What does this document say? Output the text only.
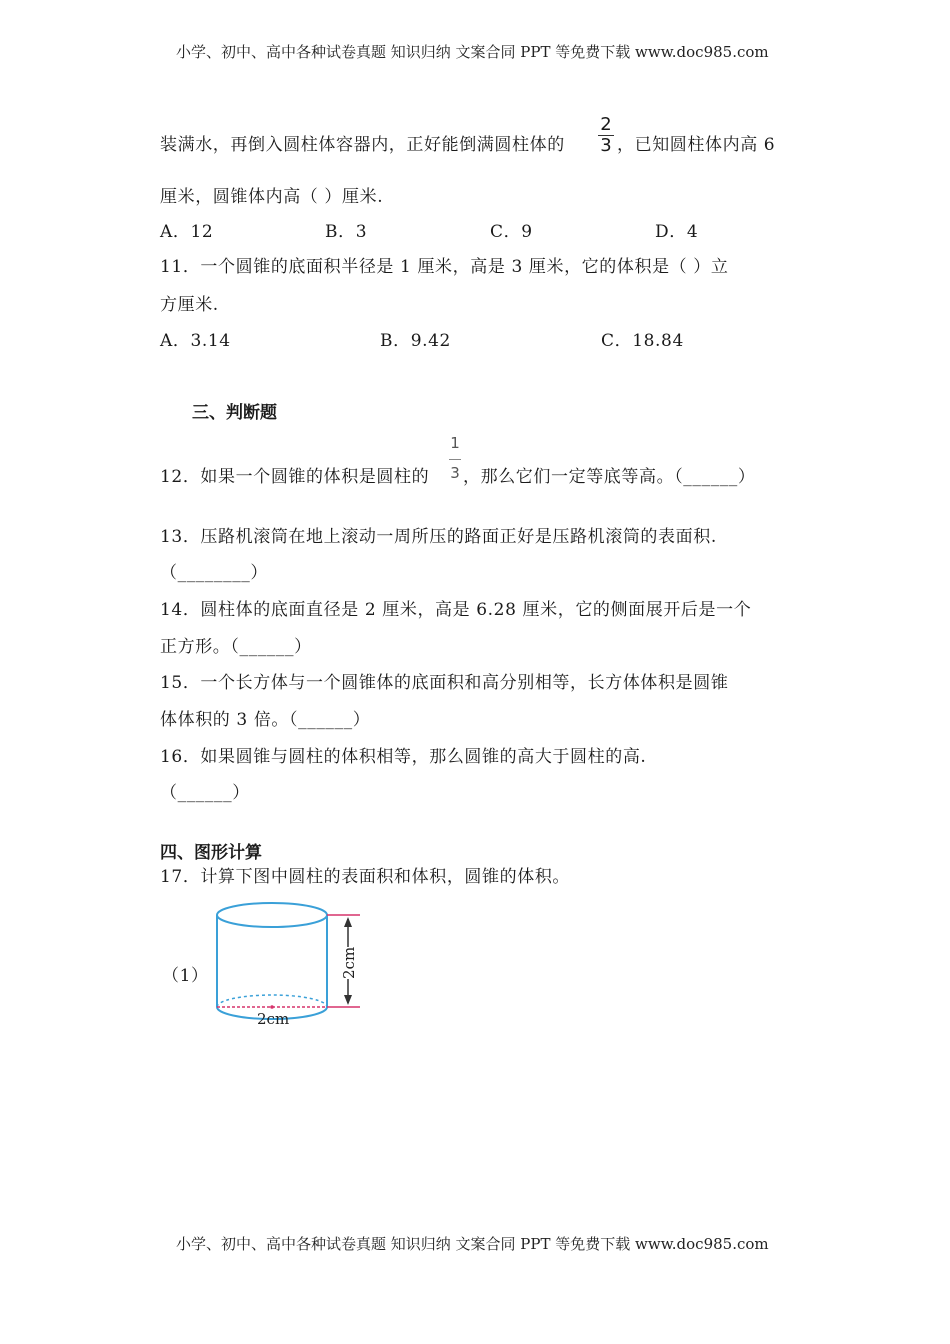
小学、初中、高中各种试卷真题 知识归纳 文案合同 PPT 等免费下载 www.doc985.com
装满水，再倒入圆柱体容器内，正好能倒满圆柱体的
2
3 ，已知圆柱体内高 6
厘米，圆锥体内高（ ）厘米.
A．12	B．3	C．9	D．4
11．一个圆锥的底面积半径是 1 厘米，高是 3 厘米，它的体积是（ ）立
方厘米.
A．3.14	B．9.42	C．18.84
三、判断题
12．如果一个圆锥的体积是圆柱的
1
3 ，那么它们一定等底等高。（______）
13．压路机滚筒在地上滚动一周所压的路面正好是压路机滚筒的表面积.
（________）
14．圆柱体的底面直径是 2 厘米，高是 6.28 厘米，它的侧面展开后是一个
正方形。（______）
15．一个长方体与一个圆锥体的底面积和高分别相等，长方体体积是圆锥
体体积的 3 倍。（______）
16．如果圆锥与圆柱的体积相等，那么圆锥的高大于圆柱的高.
（______）
四、图形计算
17．计算下图中圆柱的表面积和体积，圆锥的体积。
（1）	2cm
2cm
小学、初中、高中各种试卷真题 知识归纳 文案合同 PPT 等免费下载 www.doc985.com
